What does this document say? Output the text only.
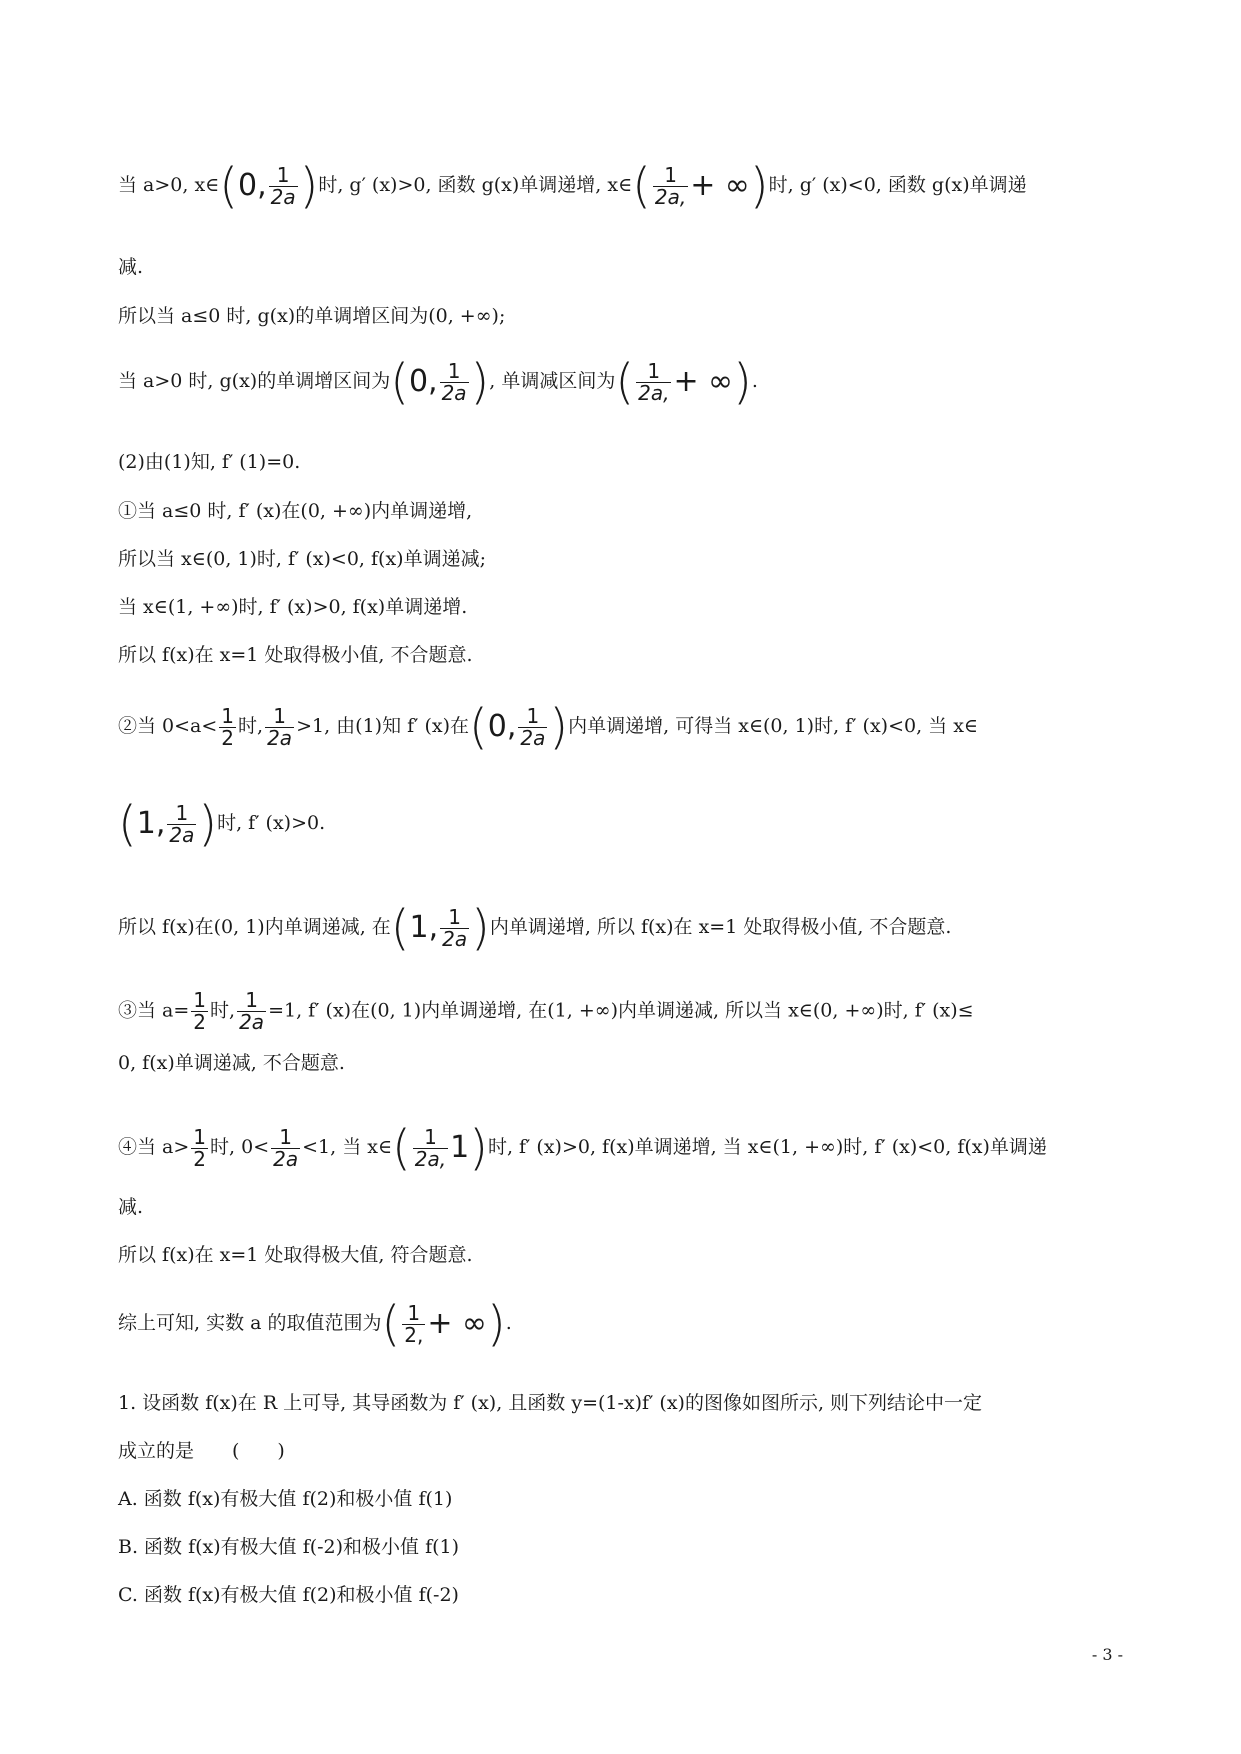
当 a>0, x∈(0, $\frac{1}{2a}$ )时, g′ (x)>0, 函数 g(x)单调递增, x∈( $\frac{1}{2a,}$ + ∞)时, g′ (x)<0, 函数 g(x)单调递
减.
所以当 a≤0 时, g(x)的单调增区间为(0, +∞);
当 a>0 时, g(x)的单调增区间为(0, $\frac{1}{2a}$ ), 单调减区间为( $\frac{1}{2a,}$ + ∞).
(2)由(1)知, f′ (1)=0.
①当 a≤0 时, f′ (x)在(0, +∞)内单调递增,
所以当 x∈(0, 1)时, f′ (x)<0, f(x)单调递减;
当 x∈(1, +∞)时, f′ (x)>0, f(x)单调递增.
所以 f(x)在 x=1 处取得极小值, 不合题意.
②当 $0<a< \frac{1}{2}$ 时, $\frac{1}{2a} >1$, 由(1)知 f′ (x)在(0, $\frac{1}{2a}$ )内单调递增, 可得当 x∈(0, 1)时, f′ (x)<0, 当 x∈
(1, $\frac{1}{2a}$ )时, f′ (x)>0.
所以 f(x)在(0, 1)内单调递减, 在(1, $\frac{1}{2a}$ )内单调递增, 所以 f(x)在 x=1 处取得极小值, 不合题意.
③当 $a= \frac{1}{2}$ 时, $\frac{1}{2a} =1$, f′ (x)在(0, 1)内单调递增, 在(1, +∞)内单调递减, 所以当 x∈(0, +∞)时, f′ (x)≤
0, f(x)单调递减, 不合题意.
④当 $a> \frac{1}{2}$ 时, $0< \frac{1}{2a} <1$, 当 x∈( $\frac{1}{2a,} 1$)时, f′ (x)>0, f(x)单调递增, 当 x∈(1, +∞)时, f′ (x)<0, f(x)单调递
减.
所以 f(x)在 x=1 处取得极大值, 符合题意.
综上可知, 实数 a 的取值范围为( $\frac{1}{2,}$ + ∞).
1. 设函数 f(x)在 R 上可导, 其导函数为 f′ (x), 且函数 y=(1-x)f′ (x)的图像如图所示, 则下列结论中一定
成立的是　　(　　)
A. 函数 f(x)有极大值 f(2)和极小值 f(1)
B. 函数 f(x)有极大值 f(-2)和极小值 f(1)
C. 函数 f(x)有极大值 f(2)和极小值 f(-2)
- 3 -
